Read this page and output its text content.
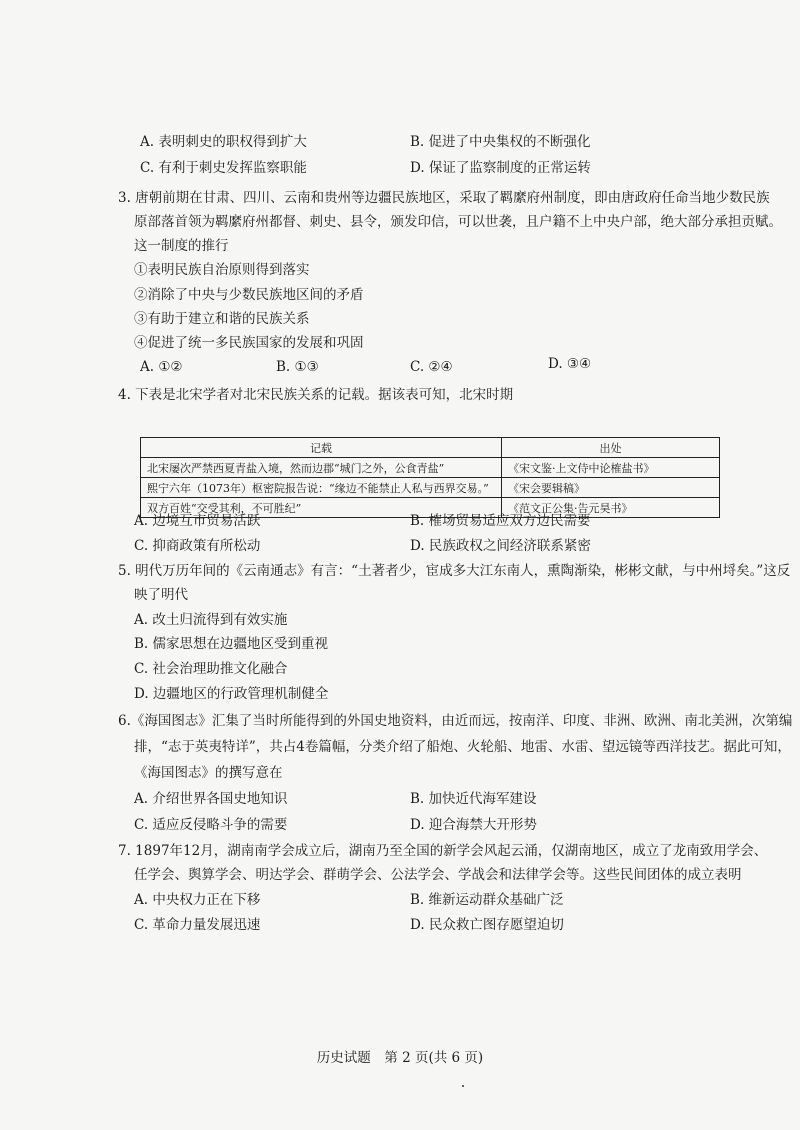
A. 表明刺史的职权得到扩大	B. 促进了中央集权的不断强化
C. 有利于刺史发挥监察职能	D. 保证了监察制度的正常运转
3. 唐朝前期在甘肃、四川、云南和贵州等边疆民族地区，采取了羁縻府州制度，即由唐政府任命当地少数民族
原部落首领为羁縻府州都督、刺史、县令，颁发印信，可以世袭，且户籍不上中央户部，绝大部分承担贡赋。
这一制度的推行
①表明民族自治原则得到落实
②消除了中央与少数民族地区间的矛盾
③有助于建立和谐的民族关系
④促进了统一多民族国家的发展和巩固
A. ①②	B. ①③	C. ②④	D. ③④
4. 下表是北宋学者对北宋民族关系的记载。据该表可知，北宋时期
记载	出处
北宋屡次严禁西夏青盐入境，然而边郡“城门之外，公食青盐”	《宋文鉴·上文侍中论榷盐书》
熙宁六年（1073年）枢密院报告说：“缘边不能禁止人私与西界交易。”	《宋会要辑稿》
双方百姓“交受其利，不可胜纪”	《范文正公集·告元昊书》
A. 边境互市贸易活跃	B. 榷场贸易适应双方边民需要
C. 抑商政策有所松动	D. 民族政权之间经济联系紧密
5. 明代万历年间的《云南通志》有言：“土著者少，宦成多大江东南人，熏陶渐染，彬彬文献，与中州埒矣。”这反
映了明代
A. 改土归流得到有效实施
B. 儒家思想在边疆地区受到重视
C. 社会治理助推文化融合
D. 边疆地区的行政管理机制健全
6.《海国图志》汇集了当时所能得到的外国史地资料，由近而远，按南洋、印度、非洲、欧洲、南北美洲，次第编
排，“志于英夷特详”，共占4卷篇幅，分类介绍了船炮、火轮船、地雷、水雷、望远镜等西洋技艺。据此可知，
《海国图志》的撰写意在
A. 介绍世界各国史地知识	B. 加快近代海军建设
C. 适应反侵略斗争的需要	D. 迎合海禁大开形势
7. 1897年12月，湖南南学会成立后，湖南乃至全国的新学会风起云涌，仅湖南地区，成立了龙南致用学会、
任学会、舆算学会、明达学会、群萌学会、公法学会、学战会和法律学会等。这些民间团体的成立表明
A. 中央权力正在下移	B. 维新运动群众基础广泛
C. 革命力量发展迅速	D. 民众救亡图存愿望迫切
历史试题　第 2 页(共 6 页)
